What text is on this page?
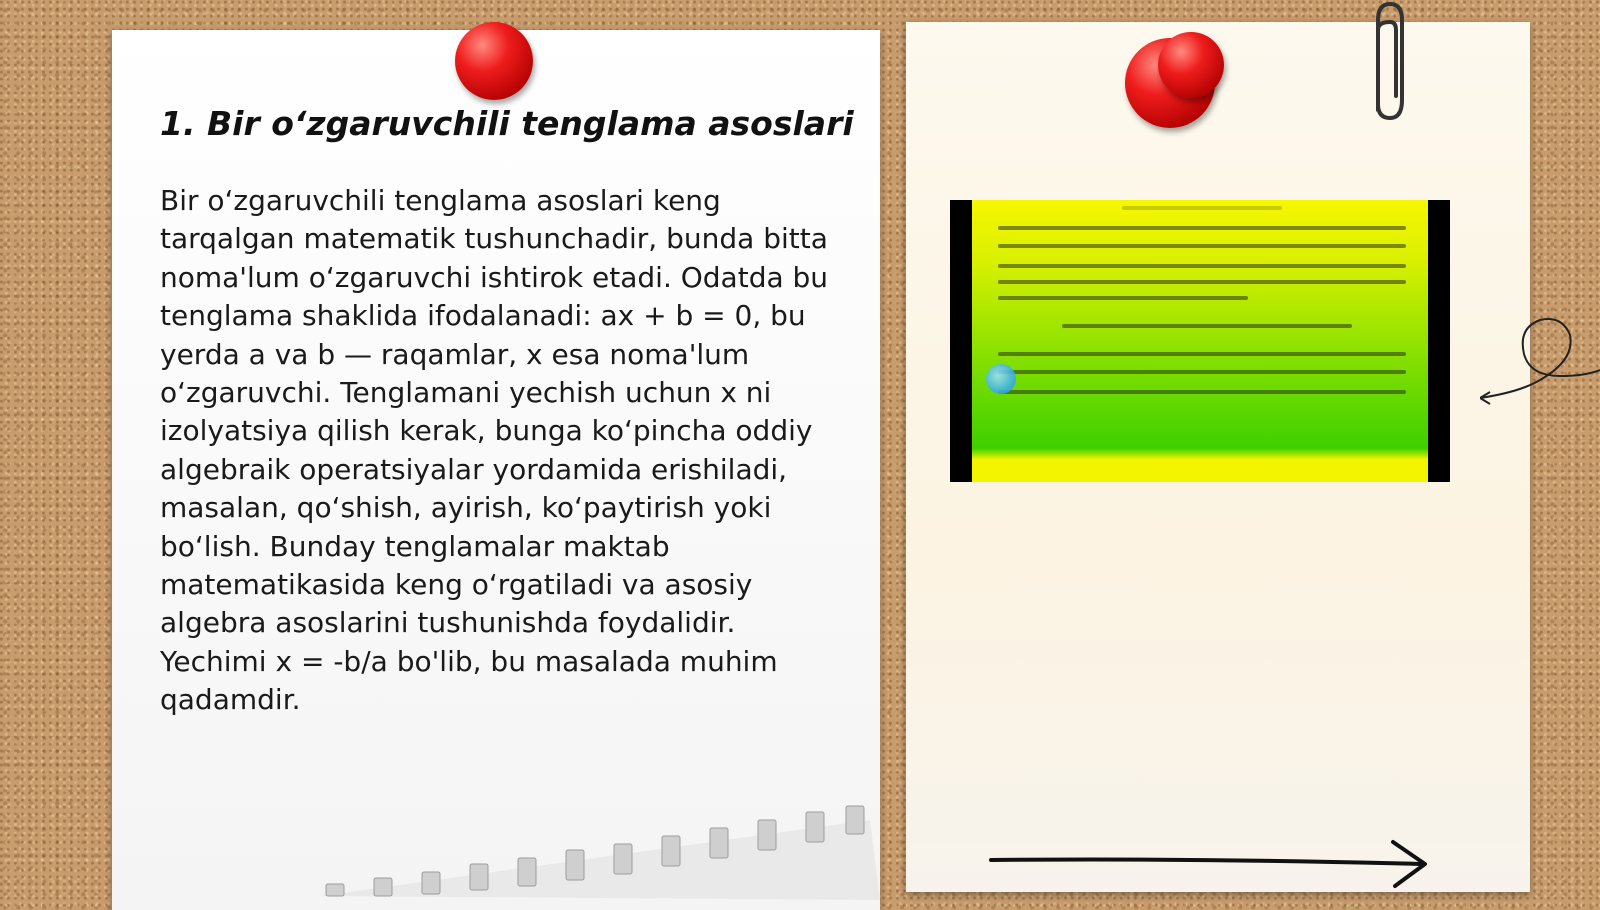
1. Bir o‘zgaruvchili tenglama asoslari

Bir o‘zgaruvchili tenglama asoslari keng tarqalgan matematik tushunchadir, bunda bitta noma'lum o‘zgaruvchi ishtirok etadi. Odatda bu tenglama shaklida ifodalanadi: ax + b = 0, bu yerda a va b — raqamlar, x esa noma'lum o‘zgaruvchi. Tenglamani yechish uchun x ni izolyatsiya qilish kerak, bunga ko‘pincha oddiy algebraik operatsiyalar yordamida erishiladi, masalan, qo‘shish, ayirish, ko‘paytirish yoki bo‘lish. Bunday tenglamalar maktab matematikasida keng o‘rgatiladi va asosiy algebra asoslarini tushunishda foydalidir. Yechimi x = -b/a bo'lib, bu masalada muhim qadamdir.
